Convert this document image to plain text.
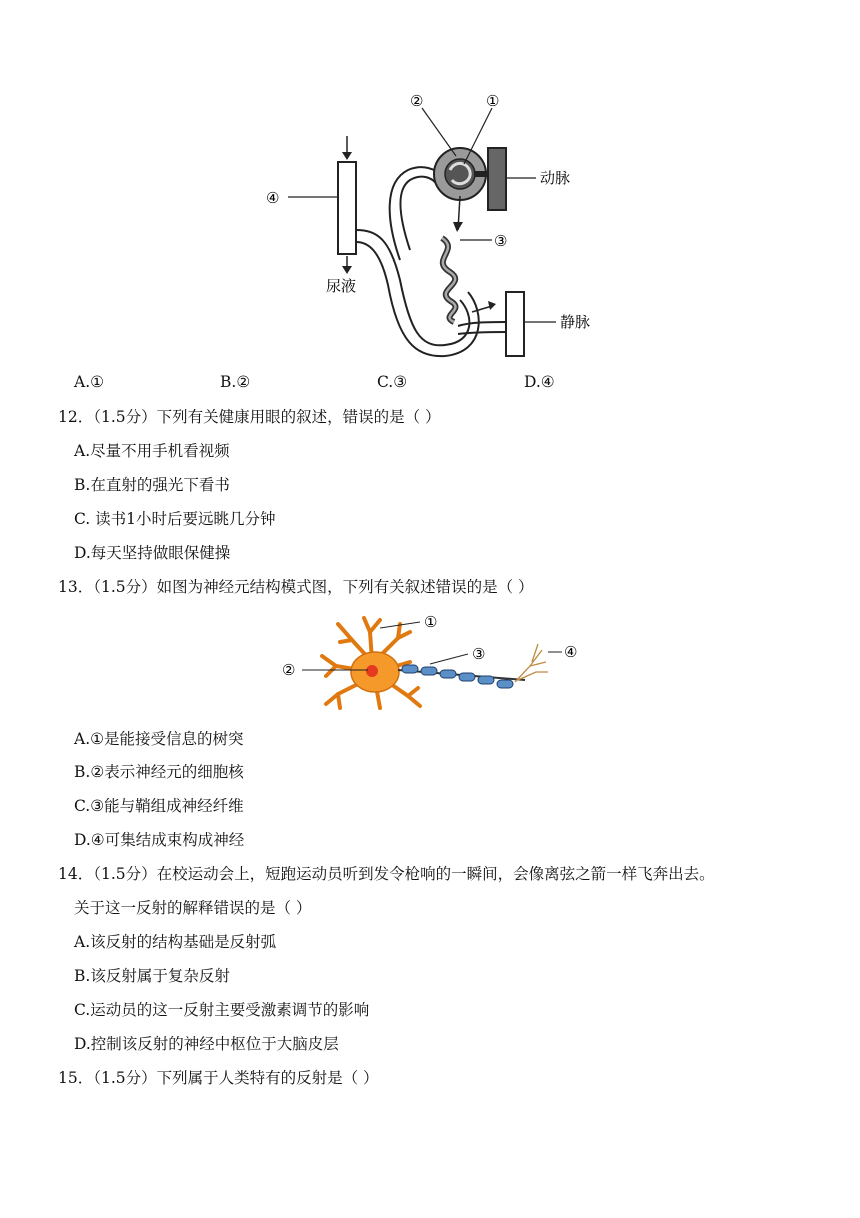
④
②	①
③
动脉
静脉
尿液
A.①	B.②	C.③	D.④
12．（1.5分）下列有关健康用眼的叙述，错误的是（ ）
A.尽量不用手机看视频
B.在直射的强光下看书
C. 读书1小时后要远眺几分钟
D.每天坚持做眼保健操
13．（1.5分）如图为神经元结构模式图，下列有关叙述错误的是（ ）
①
②
③	④
A.①是能接受信息的树突
B.②表示神经元的细胞核
C.③能与鞘组成神经纤维
D.④可集结成束构成神经
14．（1.5分）在校运动会上，短跑运动员听到发令枪响的一瞬间，会像离弦之箭一样飞奔出去。
关于这一反射的解释错误的是（ ）
A.该反射的结构基础是反射弧
B.该反射属于复杂反射
C.运动员的这一反射主要受激素调节的影响
D.控制该反射的神经中枢位于大脑皮层
15．（1.5分）下列属于人类特有的反射是（ ）
